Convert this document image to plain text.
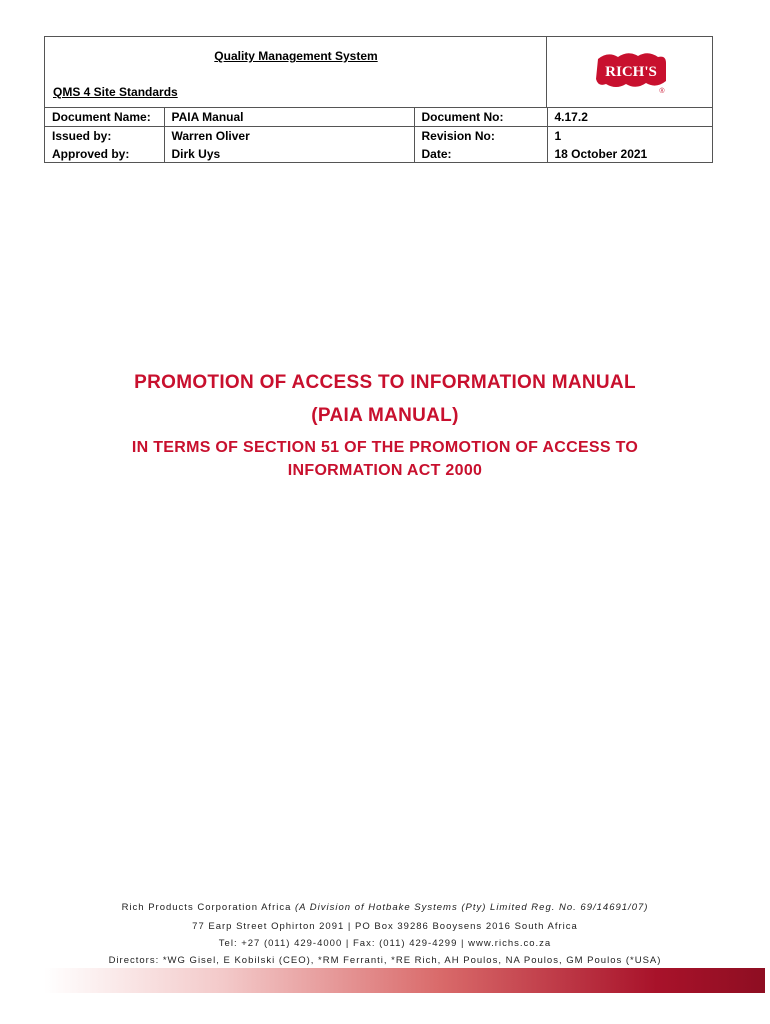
Quality Management System
QMS 4 Site Standards
RICH'S
®
Document Name:	PAIA Manual	Document No:	4.17.2
Issued by:	Warren Oliver	Revision No:	1
Approved by:	Dirk Uys	Date:	18 October 2021
PROMOTION OF ACCESS TO INFORMATION MANUAL
(PAIA MANUAL)
IN TERMS OF SECTION 51 OF THE PROMOTION OF ACCESS TO
INFORMATION ACT 2000
Rich Products Corporation Africa (A Division of Hotbake Systems (Pty) Limited Reg. No. 69/14691/07)
77 Earp Street Ophirton 2091 | PO Box 39286 Booysens 2016 South Africa
Tel: +27 (011) 429-4000 | Fax: (011) 429-4299 | www.richs.co.za
Directors: *WG Gisel, E Kobilski (CEO), *RM Ferranti, *RE Rich, AH Poulos, NA Poulos, GM Poulos (*USA)
